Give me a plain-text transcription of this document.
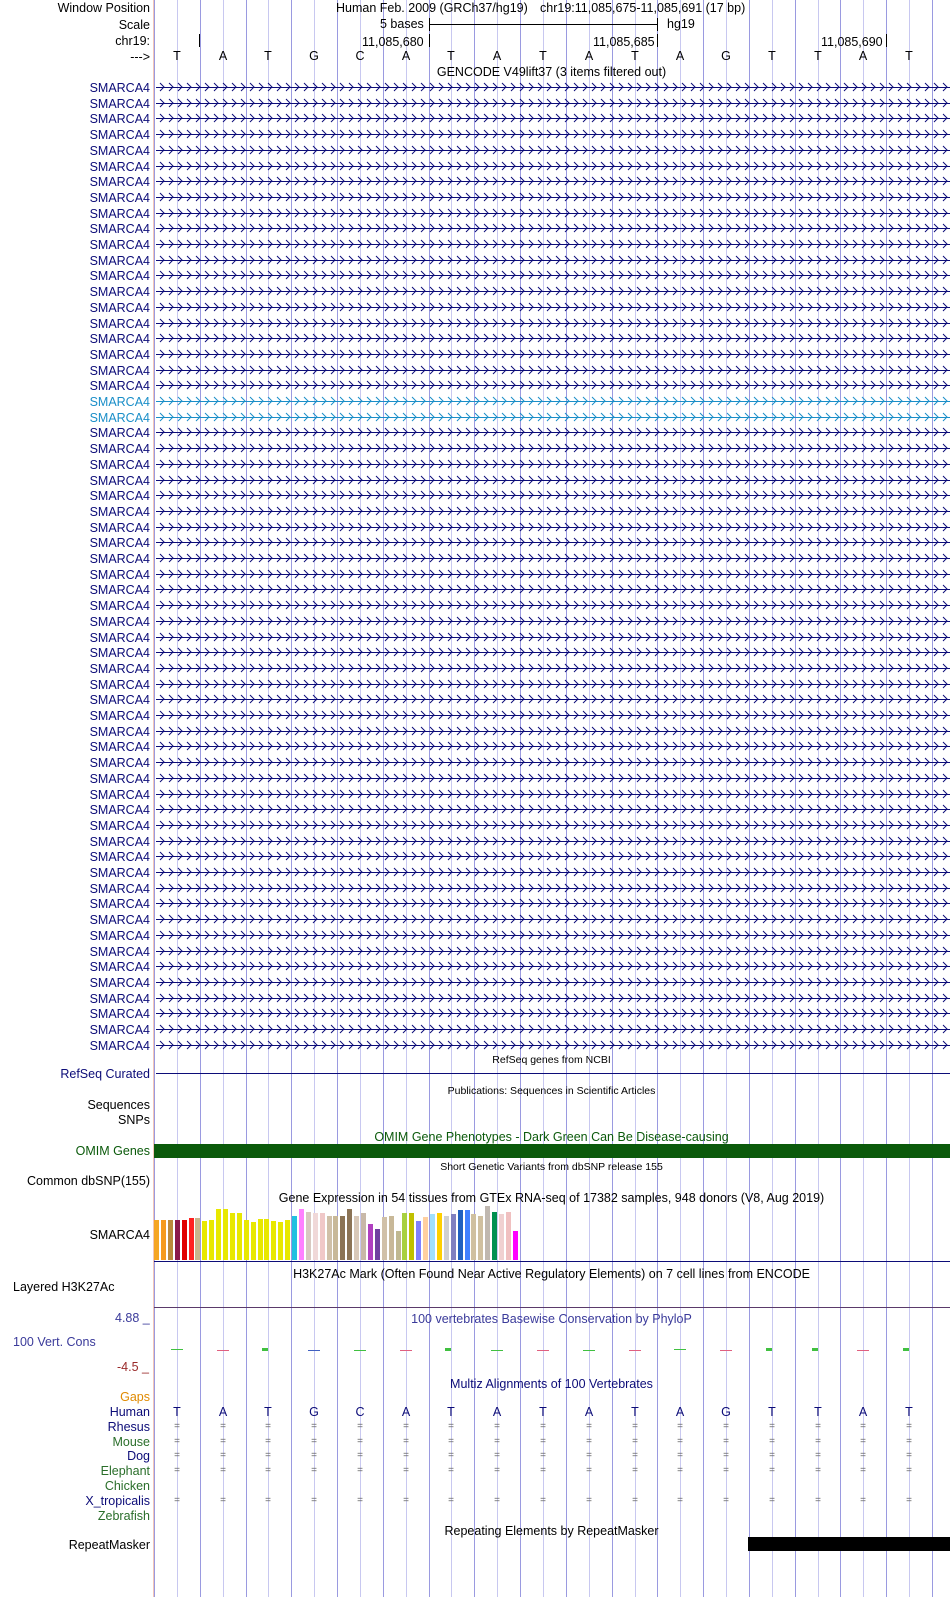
Window Position	Human Feb. 2009 (GRCh37/hg19) chr19:11,085,675-11,085,691 (17 bp)
Scale	5 bases	hg19
chr19:	11,085,680	11,085,685	11,085,690
--->	T	A	T	G	C	A	T	A	T	A	T	A	G	T	T	A	T
GENCODE V49lift37 (3 items filtered out)
SMARCA4
SMARCA4
SMARCA4
SMARCA4
SMARCA4
SMARCA4
SMARCA4
SMARCA4
SMARCA4
SMARCA4
SMARCA4
SMARCA4
SMARCA4
SMARCA4
SMARCA4
SMARCA4
SMARCA4
SMARCA4
SMARCA4
SMARCA4
SMARCA4
SMARCA4
SMARCA4
SMARCA4
SMARCA4
SMARCA4
SMARCA4
SMARCA4
SMARCA4
SMARCA4
SMARCA4
SMARCA4
SMARCA4
SMARCA4
SMARCA4
SMARCA4
SMARCA4
SMARCA4
SMARCA4
SMARCA4
SMARCA4
SMARCA4
SMARCA4
SMARCA4
SMARCA4
SMARCA4
SMARCA4
SMARCA4
SMARCA4
SMARCA4
SMARCA4
SMARCA4
SMARCA4
SMARCA4
SMARCA4
SMARCA4
SMARCA4
SMARCA4
SMARCA4
SMARCA4
SMARCA4
SMARCA4
RefSeq genes from NCBI
RefSeq Curated
Publications: Sequences in Scientific Articles
Sequences
SNPs
OMIM Gene Phenotypes - Dark Green Can Be Disease-causing
OMIM Genes
Short Genetic Variants from dbSNP release 155
Common dbSNP(155)
Gene Expression in 54 tissues from GTEx RNA-seq of 17382 samples, 948 donors (V8, Aug 2019)
SMARCA4
H3K27Ac Mark (Often Found Near Active Regulatory Elements) on 7 cell lines from ENCODE
Layered H3K27Ac
4.88 _	100 vertebrates Basewise Conservation by PhyloP
100 Vert. Cons
-4.5 _
Multiz Alignments of 100 Vertebrates
Gaps
Human	T	A	T	G	C	A	T	A	T	A	T	A	G	T	T	A	T
Rhesus	=	=	=	=	=	=	=	=	=	=	=	=	=	=	=	=	=
Mouse	=	=	=	=	=	=	=	=	=	=	=	=	=	=	=	=	=
Dog	=	=	=	=	=	=	=	=	=	=	=	=	=	=	=	=	=
Elephant	=	=	=	=	=	=	=	=	=	=	=	=	=	=	=	=	=
Chicken
X_tropicalis	=	=	=	=	=	=	=	=	=	=	=	=	=	=	=	=	=
Zebrafish
Repeating Elements by RepeatMasker
RepeatMasker
